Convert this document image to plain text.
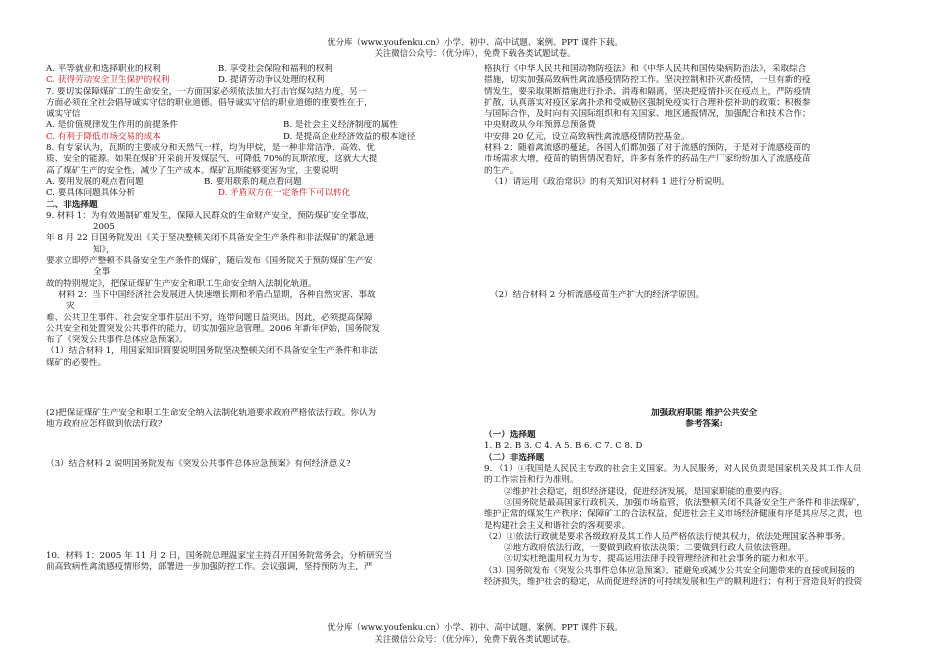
优分库（www.youfenku.cn）小学、初中、高中试题、案例、PPT 课件下载。
关注微信公众号：（优分库），免费下载各类试题试卷。

A. 平等就业和选择职业的权利	B. 享受社会保险和福利的权利

C. 获得劳动安全卫生保护的权利	D. 提请劳动争议处理的权利

7. 要切实保障煤矿工的生命安全，一方面国家必须依法加大打击官煤勾结力度，另一

方面必须在全社会倡导诚实守信的职业道德。倡导诚实守信的职业道德的重要性在于，

诚实守信

A. 是价值规律发生作用的前提条件	B. 是社会主义经济制度的属性

C. 有利于降低市场交易的成本	D. 是提高企业经济效益的根本途径

8. 有专家认为，瓦斯的主要成分和天然气一样，均为甲烷，是一种非常洁净、高效、优

质、安全的能源。如果在煤矿开采前开发煤层气，可降低 70%的瓦斯浓度，这就大大提

高了煤矿生产的安全性，减少了生产成本。煤矿瓦斯能够变害为宝，主要说明

A. 要用发展的观点看问题	B. 要用联系的观点看问题

C. 要具体问题具体分析	D. 矛盾双方在一定条件下可以转化

二、非选择题

9. 材料 1：为有效遏制矿难发生，保障人民群众的生命财产安全，预防煤矿安全事故，

2005

年 8 月 22 日国务院发出《关于坚决整顿关闭不具备安全生产条件和非法煤矿的紧急通

知》，

要求立即停产整顿不具备安全生产条件的煤矿，随后发布《国务院关于预防煤矿生产安

全事

故的特别规定》，把保证煤矿生产安全和职工生命安全纳入法制化轨道。

材料 2：当下中国经济社会发展进入快速增长期和矛盾凸显期，各种自然灾害、事故

灾

难、公共卫生事件、社会安全事件层出不穷，连带问题日益突出。因此，必须提高保障

公共安全和处置突发公共事件的能力，切实加强应急管理。2006 年新年伊始，国务院发

布了《突发公共事件总体应急预案》。

（1）结合材料 1，用国家知识简要说明国务院坚决整顿关闭不具备安全生产条件和非法

煤矿的必要性。

(2)把保证煤矿生产安全和职工生命安全纳入法制化轨道要求政府严格依法行政。你认为

地方政府应怎样做到依法行政?

（3）结合材料 2 说明国务院发布《突发公共事件总体应急预案》有何经济意义?

10．材料 1：2005 年 11 月 2 日，国务院总理温家宝主持召开国务院常务会，分析研究当

前高致病性禽流感疫情形势，部署进一步加强防控工作。会议强调，坚持预防为主，严

格执行《中华人民共和国动物防疫法》和《中华人民共和国传染病防治法》，采取综合

措施，切实加强高致病性禽流感疫情防控工作。坚决控制和扑灭新疫情，一旦有新的疫

情发生，要采取果断措施进行扑杀、消毒和隔离，坚决把疫情扑灭在疫点上，严防疫情

扩散，认真落实对疫区家禽扑杀和受威胁区强制免疫实行合理补偿补助的政策；积极参

与国际合作，及时向有关国际组织和有关国家、地区通报情况，加强配合和技术合作；

中央财政从今年预算总预备费

中安排 20 亿元，设立高致病性禽流感疫情防控基金。

材料 2：随着禽流感的蔓延，各国人们都加强了对于流感的预防，于是对于流感疫苗的

市场需求大增，疫苗的销售情况看好，许多有条件的药品生产厂家纷纷加入了流感疫苗

的生产。

（1）请运用《政治常识》的有关知识对材料 1 进行分析说明。

（2）结合材料 2 分析流感疫苗生产扩大的经济学原因。

加强政府职能 维护公共安全

参考答案:

（一）选择题

1. B 2. B 3. C 4. A 5. B 6. C 7. C 8. D

（二）非选择题

9. （1）①我国是人民民主专政的社会主义国家。为人民服务，对人民负责是国家机关及其工作人员

的工作宗旨和行为准则。

②维护社会稳定，组织经济建设，促进经济发展，是国家职能的重要内容。

③国务院是最高国家行政机关，加强市场监管，依法整顿关闭不具备安全生产条件和非法煤矿，

维护正常的煤炭生产秩序；保障矿工的合法权益，促进社会主义市场经济健康有序是其应尽之责，也

是构建社会主义和谐社会的客观要求。

（2）①依法行政就是要求各级政府及其工作人员严格依法行使其权力，依法处理国家各种事务。

②地方政府依法行政，一要做到政府依法决策；二要做到行政人员依法管理。

③切实杜绝滥用权力为专，提高运用法律手段管理经济和社会事务的能力和水平。

（3）国务院发布《突发公共事件总体应急预案》，能避免或减少公共安全问题带来的直接或间接的

经济损失，维护社会的稳定，从而促进经济的可持续发展和生产的顺利进行；有利于营造良好的投资

优分库（www.youfenku.cn）小学、初中、高中试题、案例、PPT 课件下载。
关注微信公众号：（优分库），免费下载各类试题试卷。
